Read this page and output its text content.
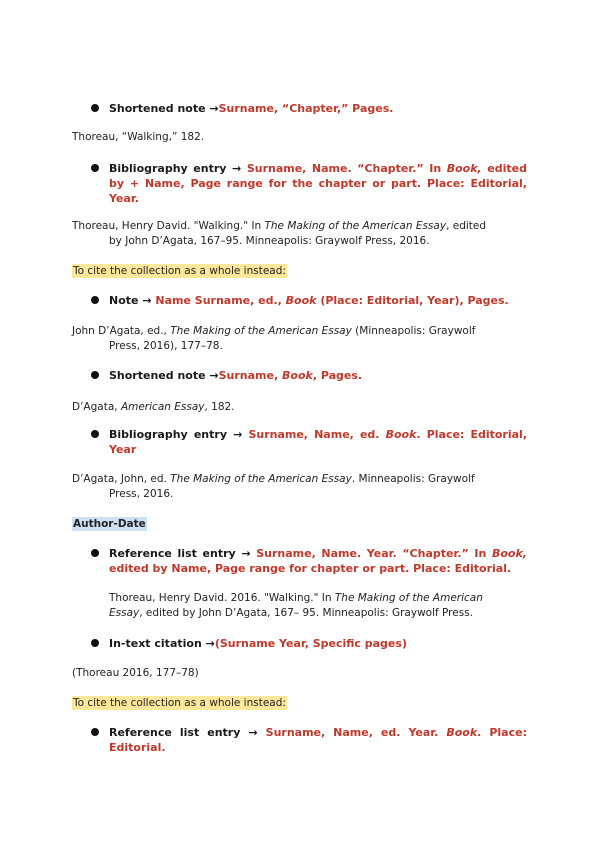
Shortened note →Surname, “Chapter,” Pages.
Thoreau, “Walking,” 182.
Bibliography entry → Surname, Name. “Chapter.” In Book, edited by + Name, Page range for the chapter or part. Place: Editorial, Year.
Thoreau, Henry David. "Walking." In The Making of the American Essay, edited
by John D’Agata, 167–95. Minneapolis: Graywolf Press, 2016.
To cite the collection as a whole instead:
Note → Name Surname, ed., Book (Place: Editorial, Year), Pages.
John D’Agata, ed., The Making of the American Essay (Minneapolis: Graywolf
Press, 2016), 177–78.
Shortened note →Surname, Book, Pages.
D’Agata, American Essay, 182.
Bibliography entry → Surname, Name, ed. Book. Place: Editorial, Year
D’Agata, John, ed. The Making of the American Essay. Minneapolis: Graywolf
Press, 2016.
Author-Date
Reference list entry → Surname, Name. Year. “Chapter.” In Book, edited by Name, Page range for chapter or part. Place: Editorial.
Thoreau, Henry David. 2016. "Walking." In The Making of the American
Essay, edited by John D’Agata, 167– 95. Minneapolis: Graywolf Press.
In-text citation →(Surname Year, Specific pages)
(Thoreau 2016, 177–78)
To cite the collection as a whole instead:
Reference list entry → Surname, Name, ed. Year. Book. Place: Editorial.
